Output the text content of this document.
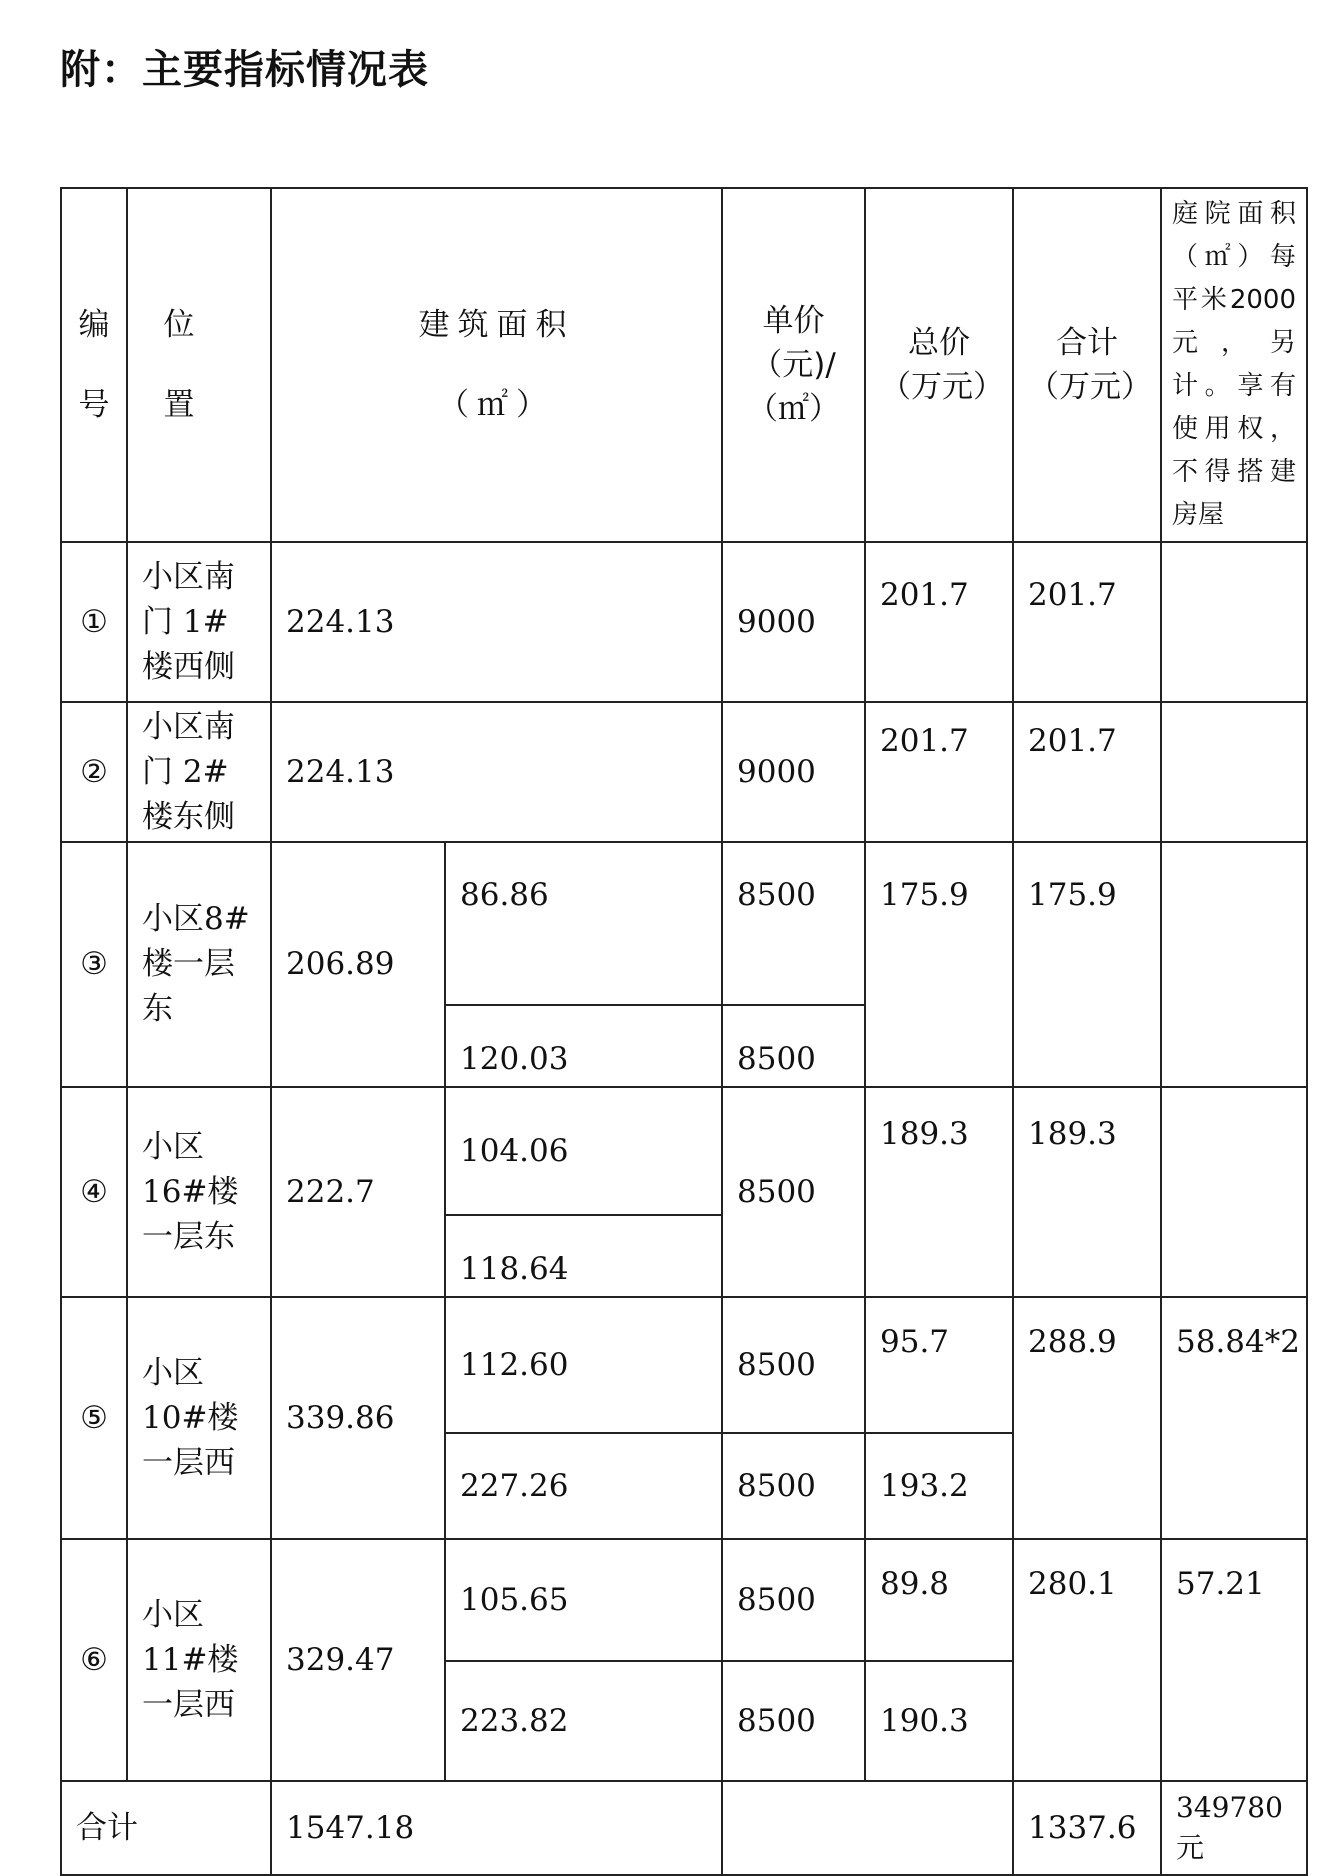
附：主要指标情况表
编号	位置	建筑面积（㎡）		单价（元)/（㎡）	总价（万元）	合计（万元）	庭院面积（㎡）每平米2000元，另计。享有使用权，不得搭建房屋
①	小区南门 1#楼西侧	224.13		9000	201.7	201.7	
②	小区南门 2#楼东侧	224.13		9000	201.7	201.7	
③	小区8#楼一层东	206.89	86.86	8500	175.9	175.9	
			120.03	8500			
④	小区16#楼一层东	222.7	104.06	8500	189.3	189.3	
			118.64				
⑤	小区10#楼一层西	339.86	112.60	8500	95.7	288.9	58.84*2
			227.26	8500	193.2		
⑥	小区11#楼一层西	329.47	105.65	8500	89.8	280.1	57.21
			223.82	8500	190.3		
合计		1547.18				1337.6	349780元
